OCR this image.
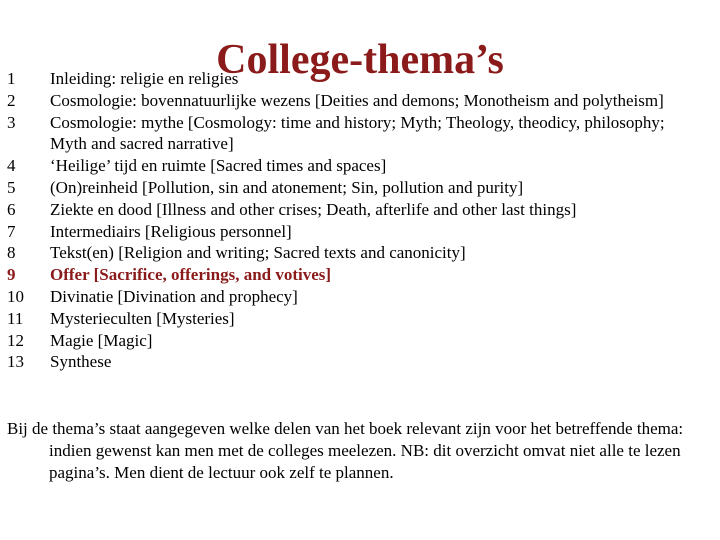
College-thema’s
1	Inleiding: religie en religies
2	Cosmologie: bovennatuurlijke wezens [Deities and demons; Monotheism and polytheism]
3	Cosmologie: mythe [Cosmology: time and history; Myth; Theology, theodicy, philosophy; Myth and sacred narrative]
4	‘Heilige’ tijd en ruimte [Sacred times and spaces]
5	(On)reinheid [Pollution, sin and atonement; Sin, pollution and purity]
6	Ziekte en dood [Illness and other crises; Death, afterlife and other last things]
7	Intermediairs [Religious personnel]
8	Tekst(en) [Religion and writing; Sacred texts and canonicity]
9	Offer [Sacrifice, offerings, and votives]
10	Divinatie [Divination and prophecy]
11	Mysterieculten [Mysteries]
12	Magie [Magic]
13	Synthese

Bij de thema’s staat aangegeven welke delen van het boek relevant zijn voor het betreffende thema: indien gewenst kan men met de colleges meelezen. NB: dit overzicht omvat niet alle te lezen pagina’s. Men dient de lectuur ook zelf te plannen.
